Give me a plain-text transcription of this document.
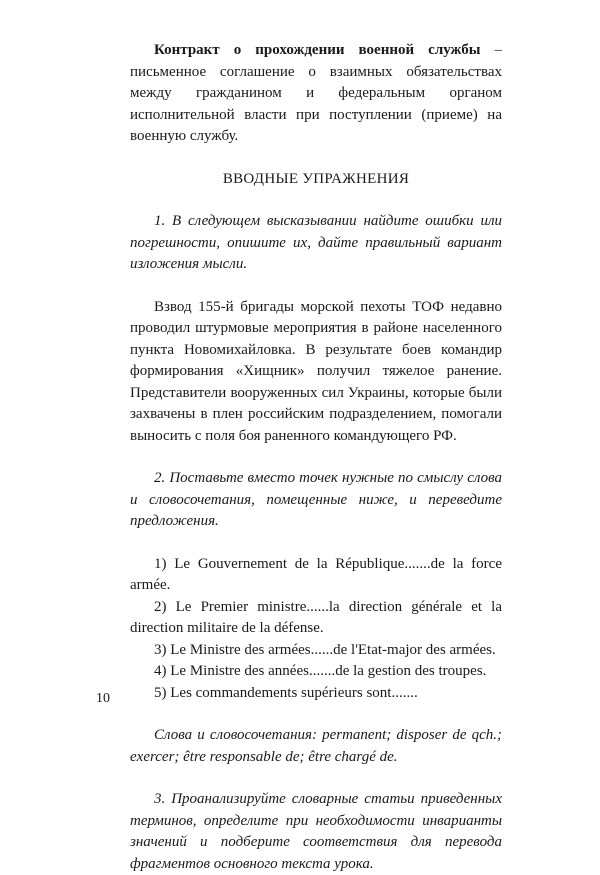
Контракт о прохождении военной службы – письменное соглашение о взаимных обязательствах между гражданином и федеральным органом исполнительной власти при поступлении (приеме) на военную службу.

ВВОДНЫЕ УПРАЖНЕНИЯ

1. В следующем высказывании найдите ошибки или погрешности, опишите их, дайте правильный вариант изложения мысли.

Взвод 155-й бригады морской пехоты ТОФ недавно проводил штурмовые мероприятия в районе населенного пункта Новомихайловка. В результате боев командир формирования «Хищник» получил тяжелое ранение. Представители вооруженных сил Украины, которые были захвачены в плен российским подразделением, помогали выносить с поля боя раненного командующего РФ.

2. Поставьте вместо точек нужные по смыслу слова и словосочетания, помещенные ниже, и переведите предложения.

1) Le Gouvernement de la République.......de la force armée.

2) Le Premier ministre......la direction générale et la direction militaire de la défense.

3) Le Ministre des armées......de l'Etat-major des armées.

4) Le Ministre des années.......de la gestion des troupes.

5) Les commandements supérieurs sont.......

Слова и словосочетания: permanent; disposer de qch.; exercer; être responsable de; être chargé de.

3. Проанализируйте словарные статьи приведенных терминов, определите при необходимости инварианты значений и подберите соответствия для перевода фрагментов основного текста урока.

10
